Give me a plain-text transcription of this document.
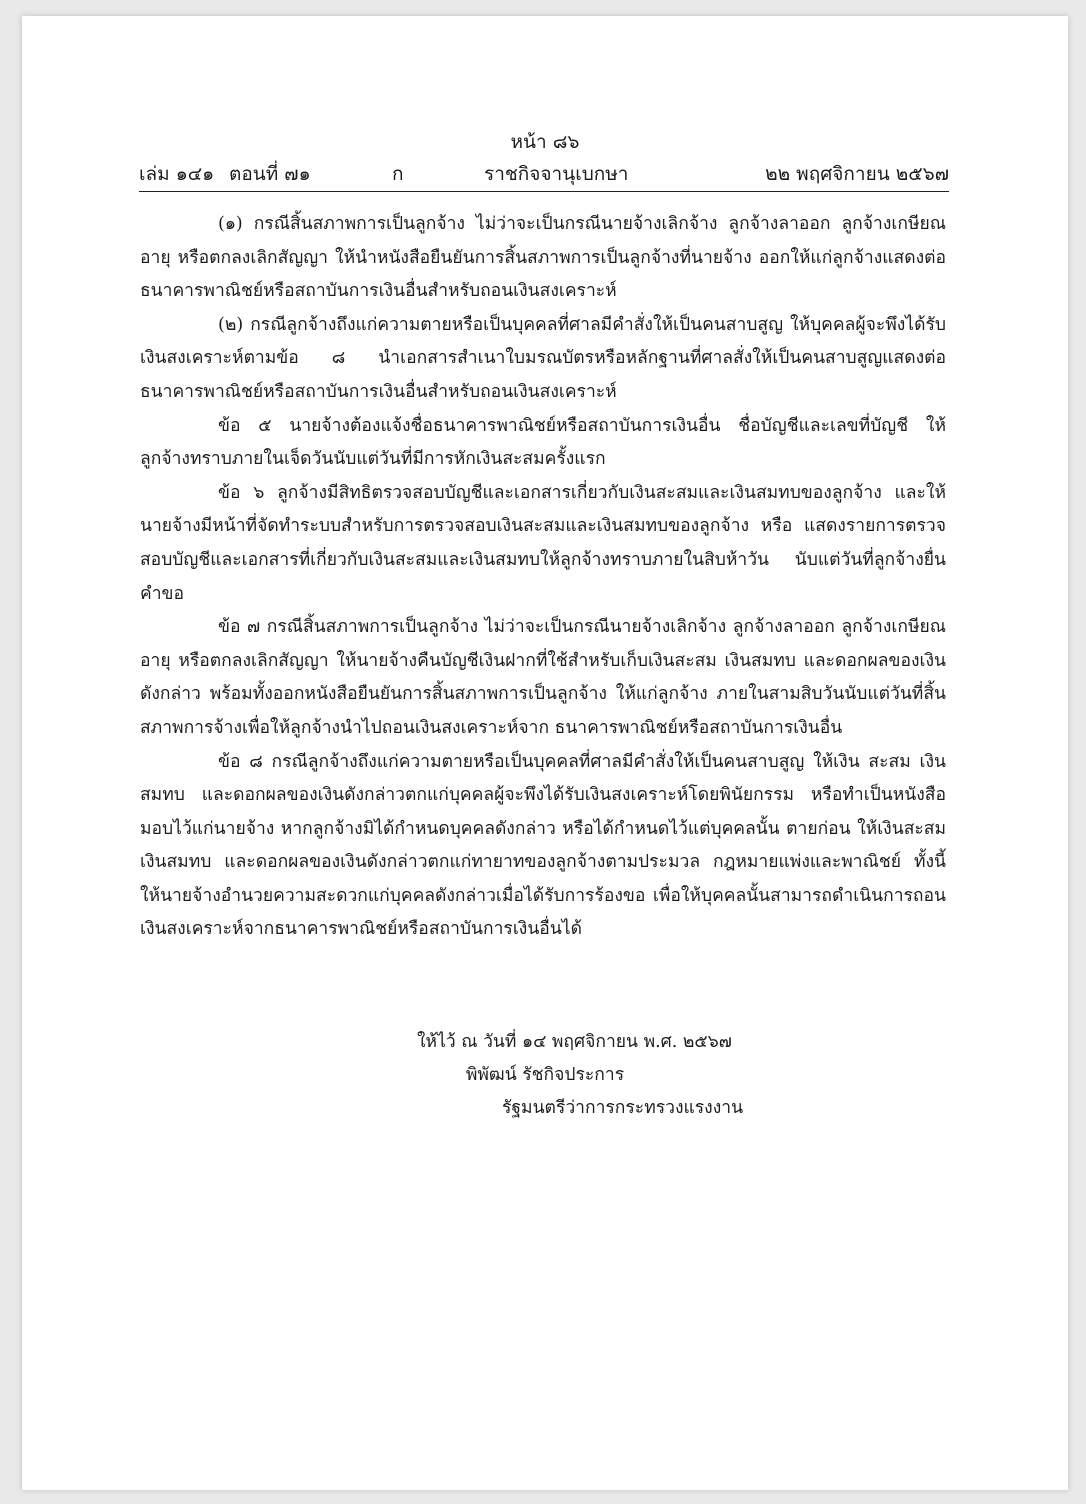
หน้า ๘๖
เล่ม ๑๔๑ ตอนที่ ๗๑	ก	ราชกิจจานุเบกษา	๒๒ พฤศจิกายน ๒๕๖๗

(๑) กรณีสิ้นสภาพการเป็นลูกจ้าง ไม่ว่าจะเป็นกรณีนายจ้างเลิกจ้าง ลูกจ้างลาออก ลูกจ้างเกษียณอายุ หรือตกลงเลิกสัญญา ให้นำหนังสือยืนยันการสิ้นสภาพการเป็นลูกจ้างที่นายจ้าง ออกให้แก่ลูกจ้างแสดงต่อธนาคารพาณิชย์หรือสถาบันการเงินอื่นสำหรับถอนเงินสงเคราะห์

(๒) กรณีลูกจ้างถึงแก่ความตายหรือเป็นบุคคลที่ศาลมีคำสั่งให้เป็นคนสาบสูญ ให้บุคคลผู้จะพึงได้รับ เงินสงเคราะห์ตามข้อ ๘ นำเอกสารสำเนาใบมรณบัตรหรือหลักฐานที่ศาลสั่งให้เป็นคนสาบสูญแสดงต่อ ธนาคารพาณิชย์หรือสถาบันการเงินอื่นสำหรับถอนเงินสงเคราะห์

ข้อ ๕ นายจ้างต้องแจ้งชื่อธนาคารพาณิชย์หรือสถาบันการเงินอื่น ชื่อบัญชีและเลขที่บัญชี ให้ลูกจ้างทราบภายในเจ็ดวันนับแต่วันที่มีการหักเงินสะสมครั้งแรก

ข้อ ๖ ลูกจ้างมีสิทธิตรวจสอบบัญชีและเอกสารเกี่ยวกับเงินสะสมและเงินสมทบของลูกจ้าง และให้นายจ้างมีหน้าที่จัดทำระบบสำหรับการตรวจสอบเงินสะสมและเงินสมทบของลูกจ้าง หรือ แสดงรายการตรวจสอบบัญชีและเอกสารที่เกี่ยวกับเงินสะสมและเงินสมทบให้ลูกจ้างทราบภายในสิบห้าวัน นับแต่วันที่ลูกจ้างยื่นคำขอ

ข้อ ๗ กรณีสิ้นสภาพการเป็นลูกจ้าง ไม่ว่าจะเป็นกรณีนายจ้างเลิกจ้าง ลูกจ้างลาออก ลูกจ้างเกษียณอายุ หรือตกลงเลิกสัญญา ให้นายจ้างคืนบัญชีเงินฝากที่ใช้สำหรับเก็บเงินสะสม เงินสมทบ และดอกผลของเงินดังกล่าว พร้อมทั้งออกหนังสือยืนยันการสิ้นสภาพการเป็นลูกจ้าง ให้แก่ลูกจ้าง ภายในสามสิบวันนับแต่วันที่สิ้นสภาพการจ้างเพื่อให้ลูกจ้างนำไปถอนเงินสงเคราะห์จาก ธนาคารพาณิชย์หรือสถาบันการเงินอื่น

ข้อ ๘ กรณีลูกจ้างถึงแก่ความตายหรือเป็นบุคคลที่ศาลมีคำสั่งให้เป็นคนสาบสูญ ให้เงิน สะสม เงินสมทบ และดอกผลของเงินดังกล่าวตกแก่บุคคลผู้จะพึงได้รับเงินสงเคราะห์โดยพินัยกรรม หรือทำเป็นหนังสือมอบไว้แก่นายจ้าง หากลูกจ้างมิได้กำหนดบุคคลดังกล่าว หรือได้กำหนดไว้แต่บุคคลนั้น ตายก่อน ให้เงินสะสม เงินสมทบ และดอกผลของเงินดังกล่าวตกแก่ทายาทของลูกจ้างตามประมวล กฎหมายแพ่งและพาณิชย์ ทั้งนี้ ให้นายจ้างอำนวยความสะดวกแก่บุคคลดังกล่าวเมื่อได้รับการร้องขอ เพื่อให้บุคคลนั้นสามารถดำเนินการถอนเงินสงเคราะห์จากธนาคารพาณิชย์หรือสถาบันการเงินอื่นได้

ให้ไว้ ณ วันที่ ๑๔ พฤศจิกายน พ.ศ. ๒๕๖๗
พิพัฒน์ รัชกิจประการ
รัฐมนตรีว่าการกระทรวงแรงงาน
